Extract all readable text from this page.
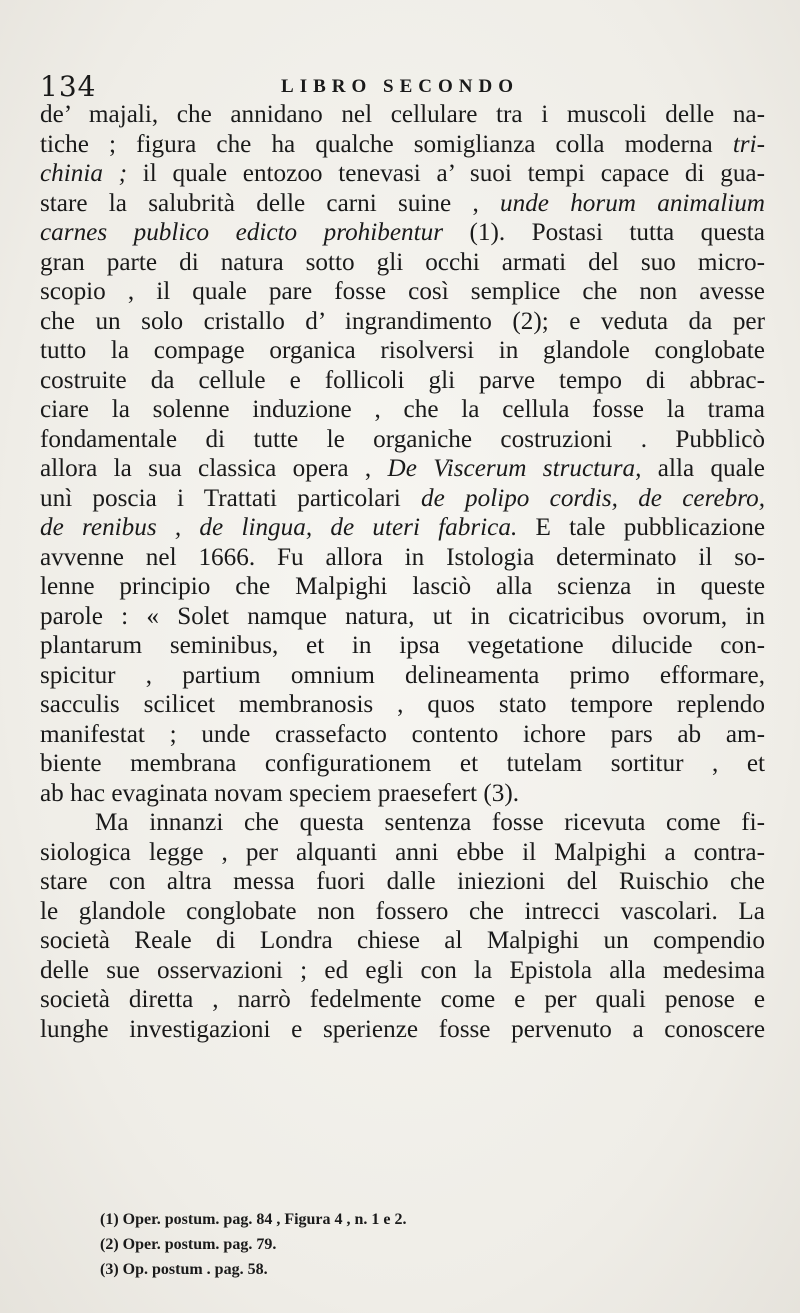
134	LIBRO SECONDO
de’ majali, che annidano nel cellulare tra i muscoli delle na-
tiche ; figura che ha qualche somiglianza colla moderna tri-
chinia ; il quale entozoo tenevasi a’ suoi tempi capace di gua-
stare la salubrità delle carni suine , unde horum animalium
carnes publico edicto prohibentur (1). Postasi tutta questa
gran parte di natura sotto gli occhi armati del suo micro-
scopio , il quale pare fosse così semplice che non avesse
che un solo cristallo d’ ingrandimento (2); e veduta da per
tutto la compage organica risolversi in glandole conglobate
costruite da cellule e follicoli gli parve tempo di abbrac-
ciare la solenne induzione , che la cellula fosse la trama
fondamentale di tutte le organiche costruzioni . Pubblicò
allora la sua classica opera , De Viscerum structura, alla quale
unì poscia i Trattati particolari de polipo cordis, de cerebro,
de renibus , de lingua, de uteri fabrica. E tale pubblicazione
avvenne nel 1666. Fu allora in Istologia determinato il so-
lenne principio che Malpighi lasciò alla scienza in queste
parole : « Solet namque natura, ut in cicatricibus ovorum, in
plantarum seminibus, et in ipsa vegetatione dilucide con-
spicitur , partium omnium delineamenta primo efformare,
sacculis scilicet membranosis , quos stato tempore replendo
manifestat ; unde crassefacto contento ichore pars ab am-
biente membrana configurationem et tutelam sortitur , et
ab hac evaginata novam speciem praesefert (3).
Ma innanzi che questa sentenza fosse ricevuta come fi-
siologica legge , per alquanti anni ebbe il Malpighi a contra-
stare con altra messa fuori dalle iniezioni del Ruischio che
le glandole conglobate non fossero che intrecci vascolari. La
società Reale di Londra chiese al Malpighi un compendio
delle sue osservazioni ; ed egli con la Epistola alla medesima
società diretta , narrò fedelmente come e per quali penose e
lunghe investigazioni e sperienze fosse pervenuto a conoscere
(1) Oper. postum. pag. 84 , Figura 4 , n. 1 e 2.
(2) Oper. postum. pag. 79.
(3) Op. postum . pag. 58.
